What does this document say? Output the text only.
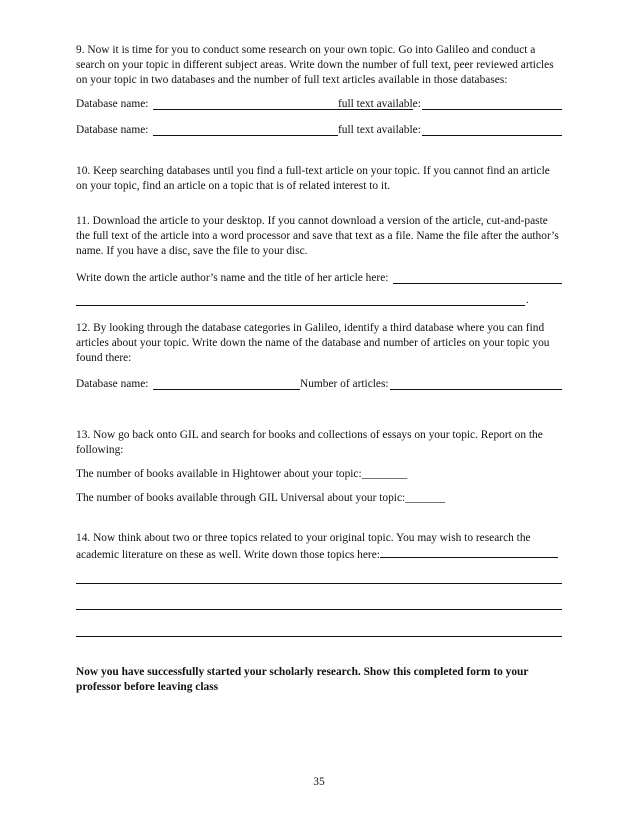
9. Now it is time for you to conduct some research on your own topic. Go into Galileo and conduct a search on your topic in different subject areas. Write down the number of full text, peer reviewed articles on your topic in two databases and the number of full text articles available in those databases:

Database name:	full text available:
Database name:	full text available:

10. Keep searching databases until you find a full-text article on your topic. If you cannot find an article on your topic, find an article on a topic that is of related interest to it.

11. Download the article to your desktop. If you cannot download a version of the article, cut-and-paste the full text of the article into a word processor and save that text as a file. Name the file after the author’s name. If you have a disc, save the file to your disc.

Write down the article author’s name and the title of her article here:
.

12. By looking through the database categories in Galileo, identify a third database where you can find articles about your topic. Write down the name of the database and number of articles on your topic you found there:

Database name:	Number of articles:

13. Now go back onto GIL and search for books and collections of essays on your topic. Report on the following:

The number of books available in Hightower about your topic:________
The number of books available through GIL Universal about your topic:_______

14. Now think about two or three topics related to your original topic. You may wish to research the academic literature on these as well. Write down those topics here:

Now you have successfully started your scholarly research. Show this completed form to your professor before leaving class

35
